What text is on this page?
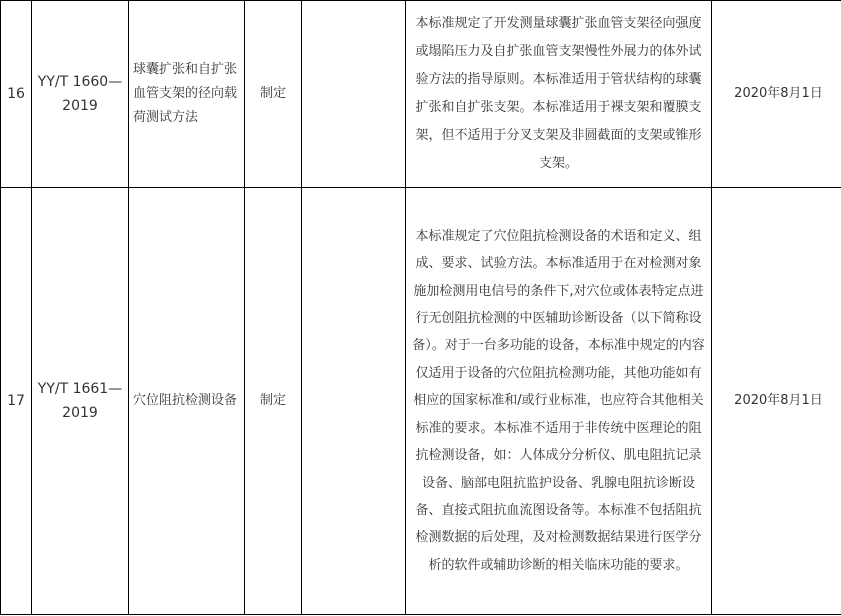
16	YY/T 1660—
2019	球囊扩张和自扩张血管支架的径向载荷测试方法	制定		本标准规定了开发测量球囊扩张血管支架径向强度或塌陷压力及自扩张血管支架慢性外展力的体外试验方法的指导原则。本标准适用于管状结构的球囊扩张和自扩张支架。本标准适用于裸支架和覆膜支架，但不适用于分叉支架及非圆截面的支架或锥形支架。	2020年8月1日
17	YY/T 1661—
2019	穴位阻抗检测设备	制定		本标准规定了穴位阻抗检测设备的术语和定义、组成、要求、试验方法。本标准适用于在对检测对象施加检测用电信号的条件下,对穴位或体表特定点进行无创阻抗检测的中医辅助诊断设备（以下简称设备）。对于一台多功能的设备，本标准中规定的内容仅适用于设备的穴位阻抗检测功能，其他功能如有相应的国家标准和/或行业标准，也应符合其他相关标准的要求。本标准不适用于非传统中医理论的阻抗检测设备，如：人体成分分析仪、肌电阻抗记录设备、脑部电阻抗监护设备、乳腺电阻抗诊断设备、直接式阻抗血流图设备等。本标准不包括阻抗检测数据的后处理，及对检测数据结果进行医学分析的软件或辅助诊断的相关临床功能的要求。	2020年8月1日
